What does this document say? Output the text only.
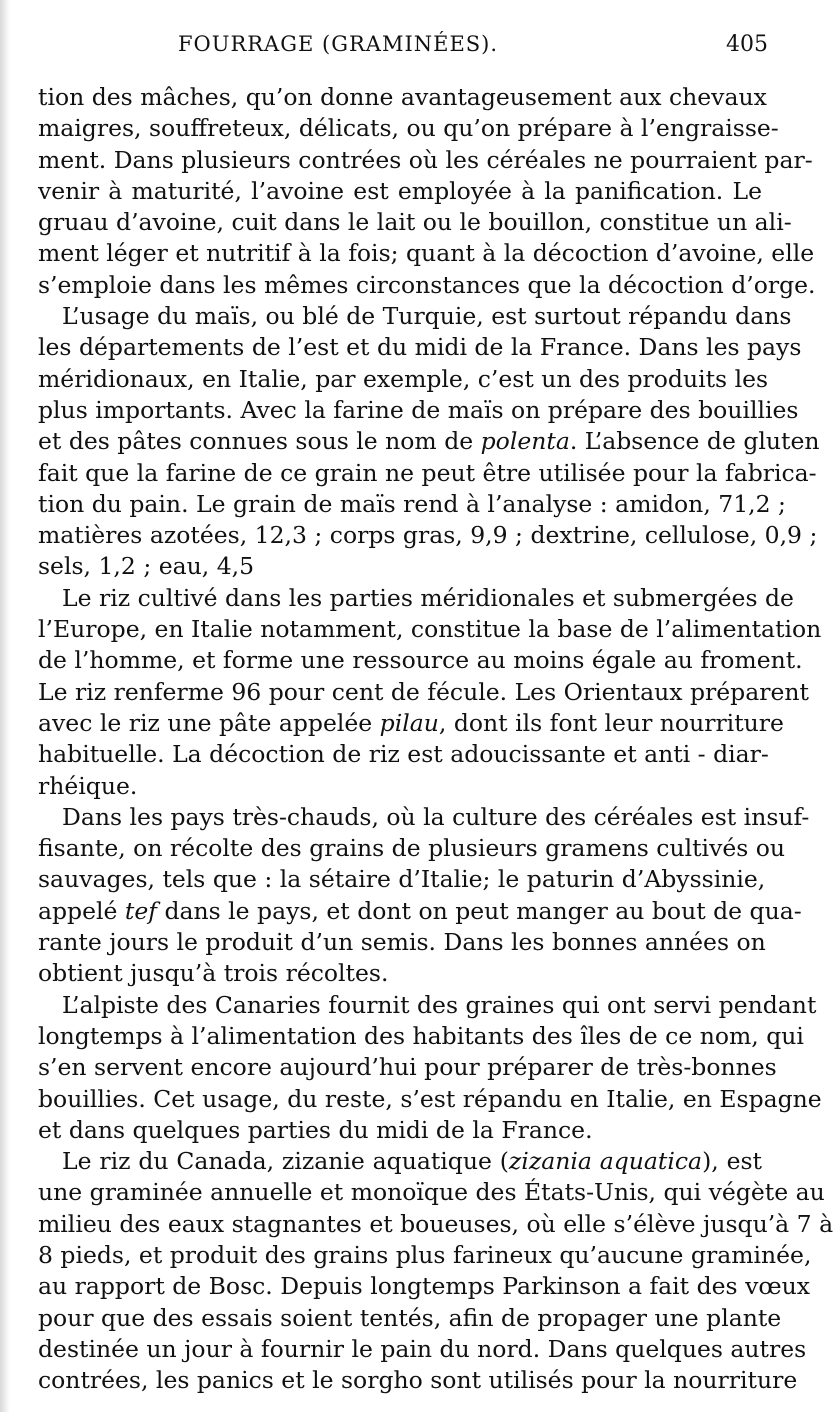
FOURRAGE (GRAMINÉES).	405
tion des mâches, qu’on donne avantageusement aux chevaux
maigres, souffreteux, délicats, ou qu’on prépare à l’engraisse-
ment. Dans plusieurs contrées où les céréales ne pourraient par-
venir à maturité, l’avoine est employée à la panification. Le
gruau d’avoine, cuit dans le lait ou le bouillon, constitue un ali-
ment léger et nutritif à la fois; quant à la décoction d’avoine, elle
s’emploie dans les mêmes circonstances que la décoction d’orge.
L’usage du maïs, ou blé de Turquie, est surtout répandu dans
les départements de l’est et du midi de la France. Dans les pays
méridionaux, en Italie, par exemple, c’est un des produits les
plus importants. Avec la farine de maïs on prépare des bouillies
et des pâtes connues sous le nom de polenta. L’absence de gluten
fait que la farine de ce grain ne peut être utilisée pour la fabrica-
tion du pain. Le grain de maïs rend à l’analyse : amidon, 71,2 ;
matières azotées, 12,3 ; corps gras, 9,9 ; dextrine, cellulose, 0,9 ;
sels, 1,2 ; eau, 4,5
Le riz cultivé dans les parties méridionales et submergées de
l’Europe, en Italie notamment, constitue la base de l’alimentation
de l’homme, et forme une ressource au moins égale au froment.
Le riz renferme 96 pour cent de fécule. Les Orientaux préparent
avec le riz une pâte appelée pilau, dont ils font leur nourriture
habituelle. La décoction de riz est adoucissante et anti - diar-
rhéique.
Dans les pays très-chauds, où la culture des céréales est insuf-
fisante, on récolte des grains de plusieurs gramens cultivés ou
sauvages, tels que : la sétaire d’Italie; le paturin d’Abyssinie,
appelé tef dans le pays, et dont on peut manger au bout de qua-
rante jours le produit d’un semis. Dans les bonnes années on
obtient jusqu’à trois récoltes.
L’alpiste des Canaries fournit des graines qui ont servi pendant
longtemps à l’alimentation des habitants des îles de ce nom, qui
s’en servent encore aujourd’hui pour préparer de très-bonnes
bouillies. Cet usage, du reste, s’est répandu en Italie, en Espagne
et dans quelques parties du midi de la France.
Le riz du Canada, zizanie aquatique (zizania aquatica), est
une graminée annuelle et monoïque des États-Unis, qui végète au
milieu des eaux stagnantes et boueuses, où elle s’élève jusqu’à 7 à
8 pieds, et produit des grains plus farineux qu’aucune graminée,
au rapport de Bosc. Depuis longtemps Parkinson a fait des vœux
pour que des essais soient tentés, afin de propager une plante
destinée un jour à fournir le pain du nord. Dans quelques autres
contrées, les panics et le sorgho sont utilisés pour la nourriture
